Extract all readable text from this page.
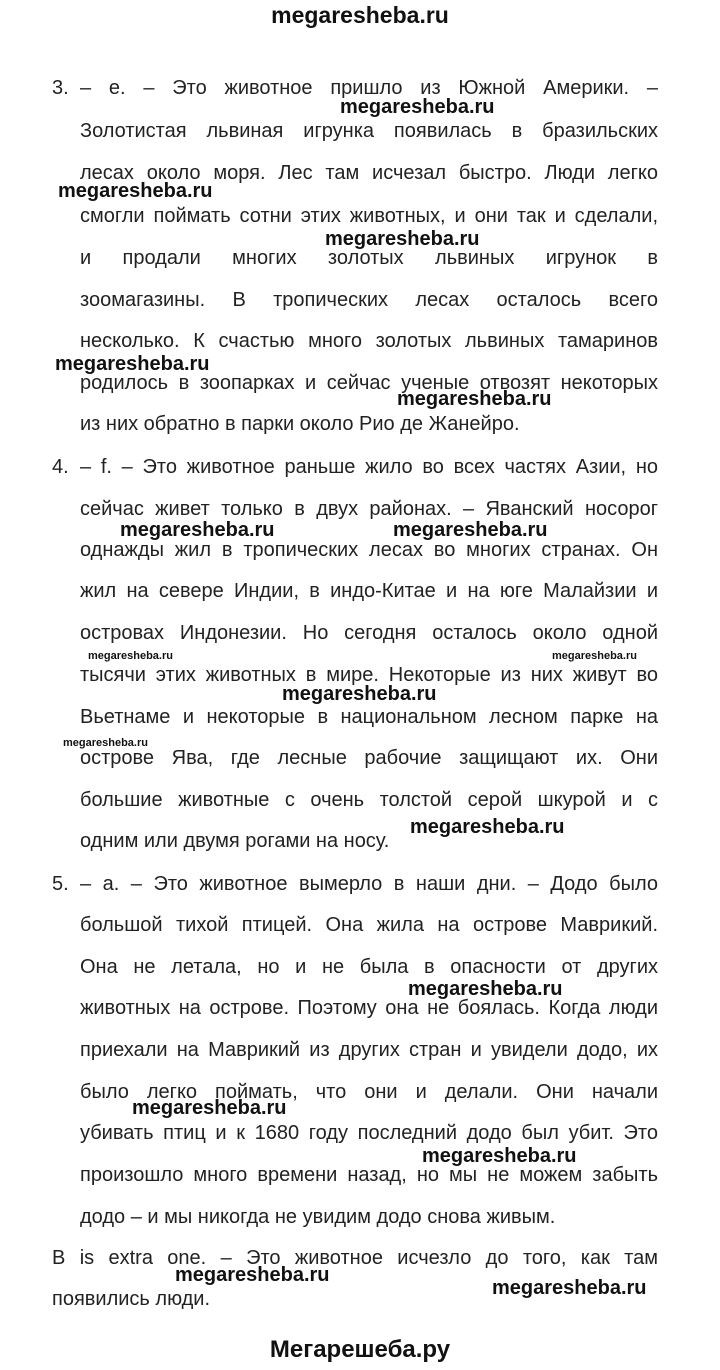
megaresheba.ru
3. – e. – Это животное пришло из Южной Америки. –
Золотистая львиная игрунка появилась в бразильских
лесах около моря. Лес там исчезал быстро. Люди легко
смогли поймать сотни этих животных, и они так и сделали,
и продали многих золотых львиных игрунок в
зоомагазины. В тропических лесах осталось всего
несколько. К счастью много золотых львиных тамаринов
родилось в зоопарках и сейчас ученые отвозят некоторых
из них обратно в парки около Рио де Жанейро.
4. – f. – Это животное раньше жило во всех частях Азии, но
сейчас живет только в двух районах. – Яванский носорог
однажды жил в тропических лесах во многих странах. Он
жил на севере Индии, в индо-Китае и на юге Малайзии и
островах Индонезии. Но сегодня осталось около одной
тысячи этих животных в мире. Некоторые из них живут во
Вьетнаме и некоторые в национальном лесном парке на
острове Ява, где лесные рабочие защищают их. Они
большие животные с очень толстой серой шкурой и с
одним или двумя рогами на носу.
5. – a. – Это животное вымерло в наши дни. – Додо было
большой тихой птицей. Она жила на острове Маврикий.
Она не летала, но и не была в опасности от других
животных на острове. Поэтому она не боялась. Когда люди
приехали на Маврикий из других стран и увидели додо, их
было легко поймать, что они и делали. Они начали
убивать птиц и к 1680 году последний додо был убит. Это
произошло много времени назад, но мы не можем забыть
додо – и мы никогда не увидим додо снова живым.
B is extra one. – Это животное исчезло до того, как там
появились люди.
megaresheba.ru
megaresheba.ru
megaresheba.ru
megaresheba.ru
megaresheba.ru
megaresheba.ru	megaresheba.ru
megaresheba.ru	megaresheba.ru
megaresheba.ru
megaresheba.ru
megaresheba.ru
megaresheba.ru
megaresheba.ru
megaresheba.ru
megaresheba.ru
megaresheba.ru
Мегарешеба.ру
